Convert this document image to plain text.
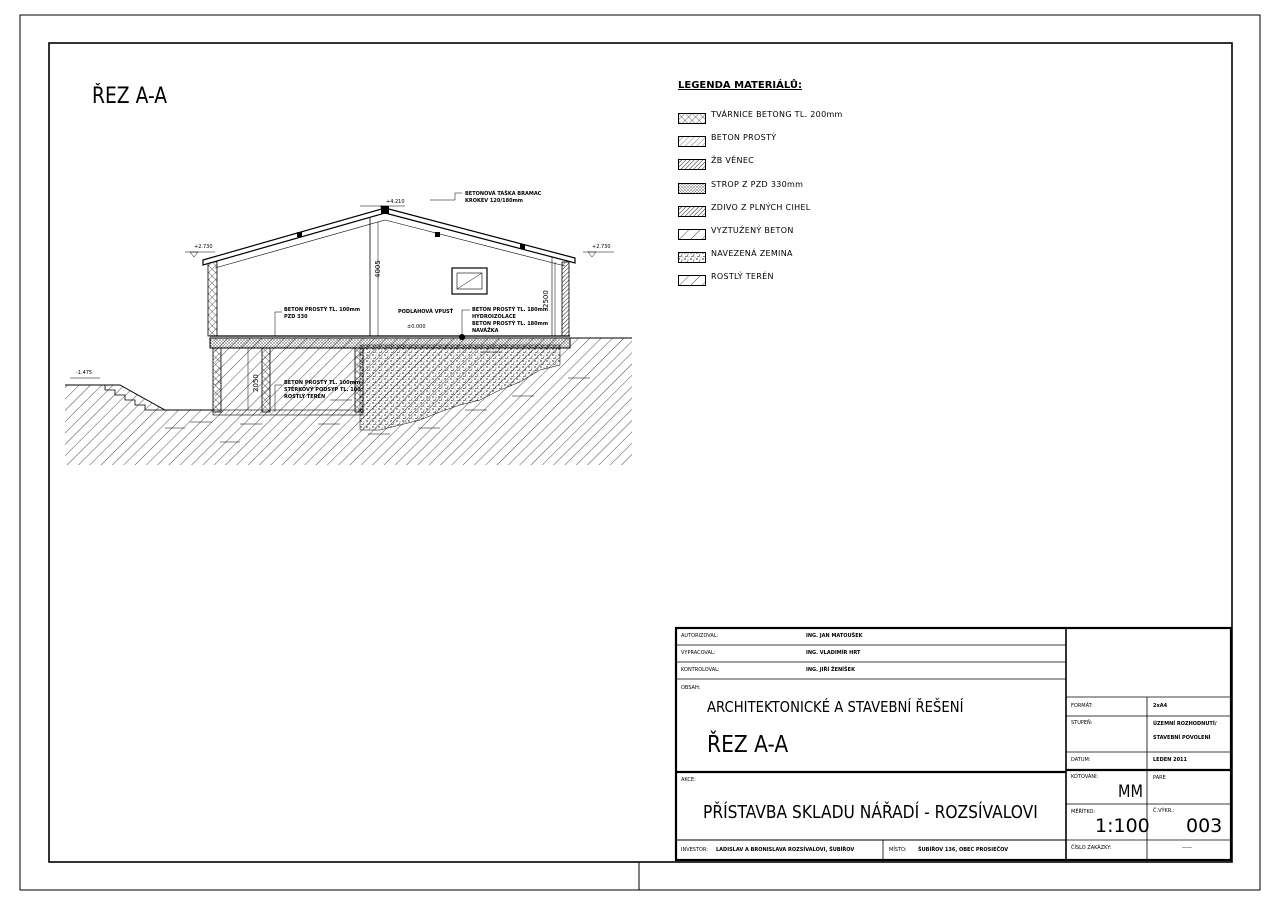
ŘEZ A-A	LEGENDA MATERIÁLŮ:
TVÁRNICE BETONG TL. 200mm
BETON PROSTÝ
ŽB VĚNEC
STROP Z PZD 330mm
ZDIVO Z PLNÝCH CIHEL
VYZTUŽENÝ BETON
NAVEZENÁ ZEMINA
ROSTLÝ TERÉN
+4.210
+2.730	+2.730
±0.000
-1.475
4005
2500
2050
BETONOVÁ TAŠKA BRAMAC
KROKEV 120/180mm
BETON PROSTÝ TL. 100mm
PZD 330
PODLAHOVÁ VPUSŤ	BETON PROSTÝ TL. 180mm
HYDROIZOLACE
BETON PROSTÝ TL. 180mm
NAVÁŽKA
BETON PROSTÝ TL. 100mm
STERKOVÝ PODSYP TL. 100
ROSTLÝ TERÉN
AUTORIZOVAL:	ING. JAN MATOUŠEK
VYPRACOVAL:	ING. VLADIMÍR HRT
KONTROLOVAL:	ING. JIŘÍ ŽENÍŠEK
OBSAH:
ARCHITEKTONICKÉ A STAVEBNÍ ŘEŠENÍ
ŘEZ A-A
AKCE:
PŘÍSTAVBA SKLADU NÁŘADÍ - ROZSÍVALOVI
INVESTOR: LADISLAV A BRONISLAVA ROZSÍVALOVI, ŠUBÍŘOV	MÍSTO: ŠUBÍŘOV 136, OBEC PROSIEČOV
FORMÁT:	2xA4
STUPEŇ:	ÚZEMNÍ ROZHODNUTÍ/
STAVEBNÍ POVOLENÍ
DATUM:	LEDEN 2011
KÓTOVÁNÍ:
MM
PARE
MĚŘÍTKO:
1:100
Č.VÝKR.:
003
ČÍSLO ZAKÁZKY:	——
